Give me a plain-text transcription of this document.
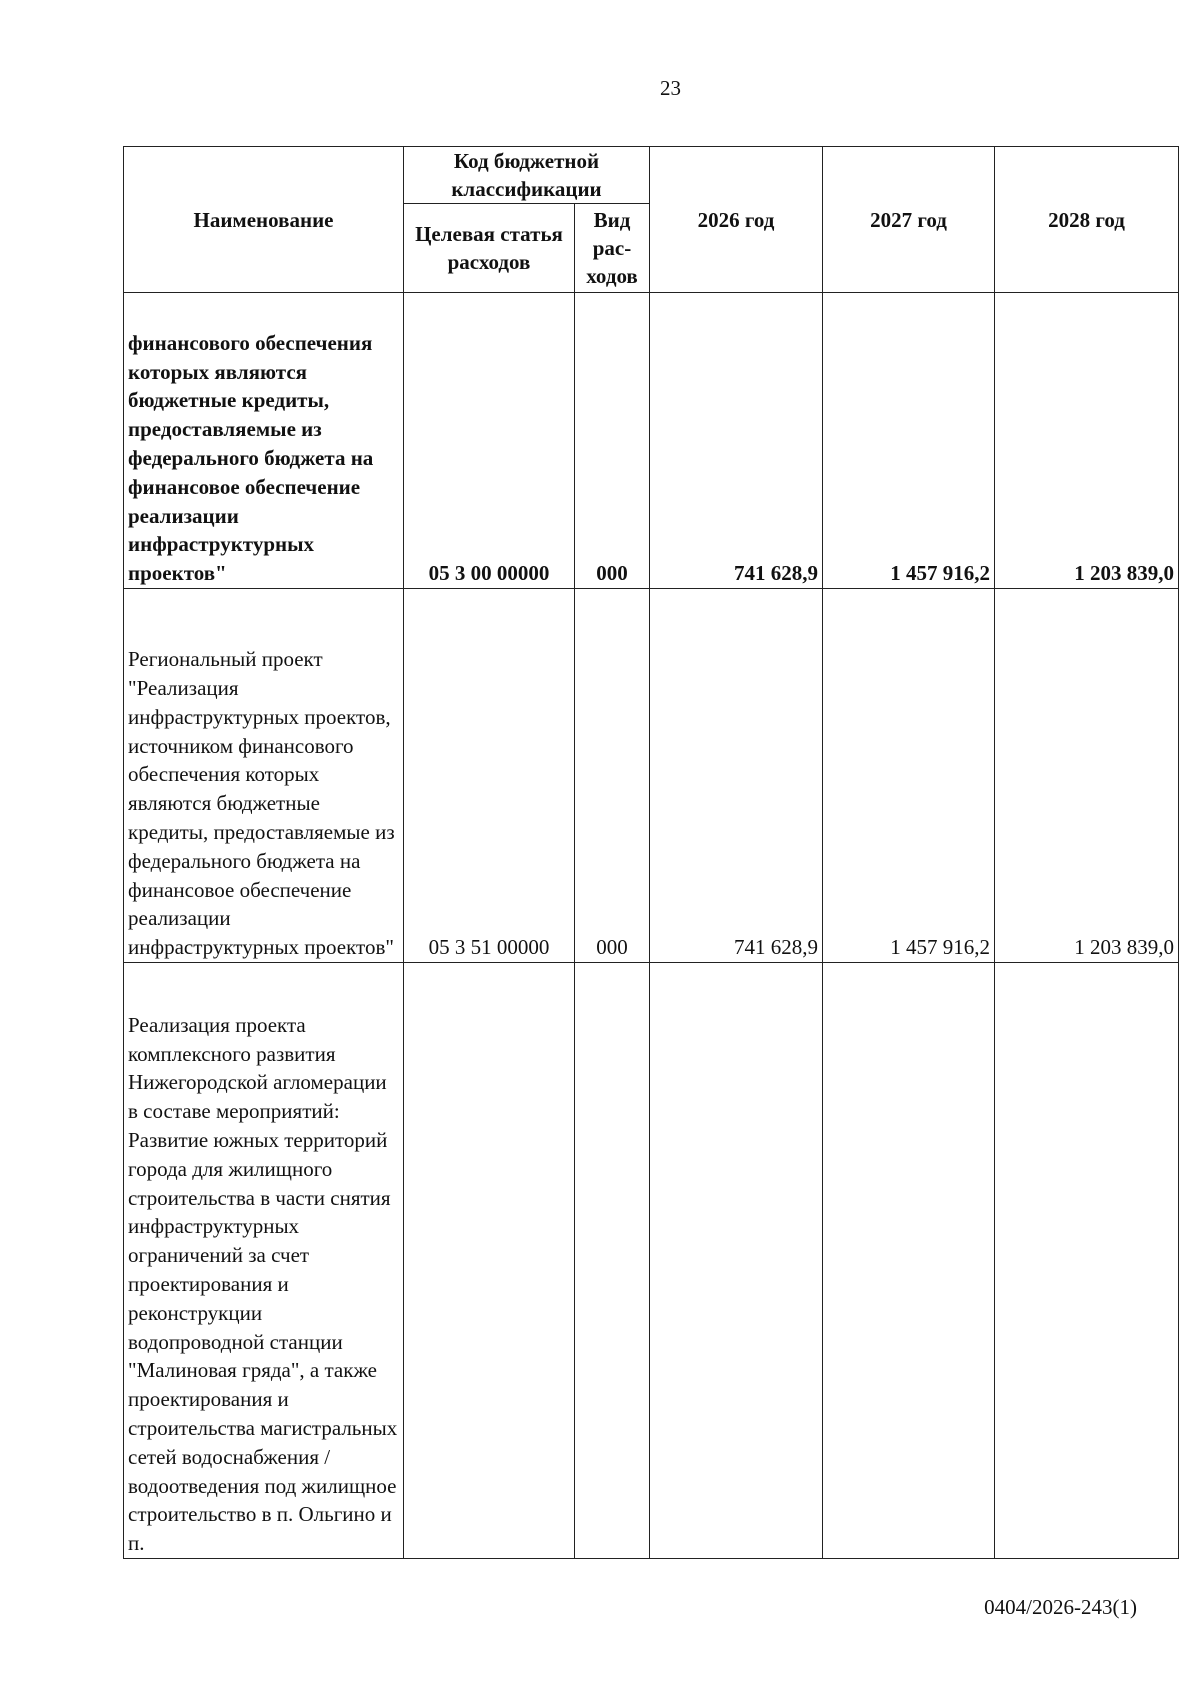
23
Наименование	Код бюджетной классификации		2026 год	2027 год	2028 год
	Целевая статья расходов	Вид рас-ходов			
финансового обеспечения которых являются бюджетные кредиты, предоставляемые из федерального бюджета на финансовое обеспечение реализации инфраструктурных проектов"	05 3 00 00000	000	741 628,9	1 457 916,2	1 203 839,0
Региональный проект "Реализация инфраструктурных проектов, источником финансового обеспечения которых являются бюджетные кредиты, предоставляемые из федерального бюджета на финансовое обеспечение реализации инфраструктурных проектов"	05 3 51 00000	000	741 628,9	1 457 916,2	1 203 839,0
Реализация проекта комплексного развития Нижегородской агломерации в составе мероприятий: Развитие южных территорий города для жилищного строительства в части снятия инфраструктурных ограничений за счет проектирования и реконструкции водопроводной станции "Малиновая гряда", а также проектирования и строительства магистральных сетей водоснабжения / водоотведения под жилищное строительство в п. Ольгино и п.					
0404/2026-243(1)
